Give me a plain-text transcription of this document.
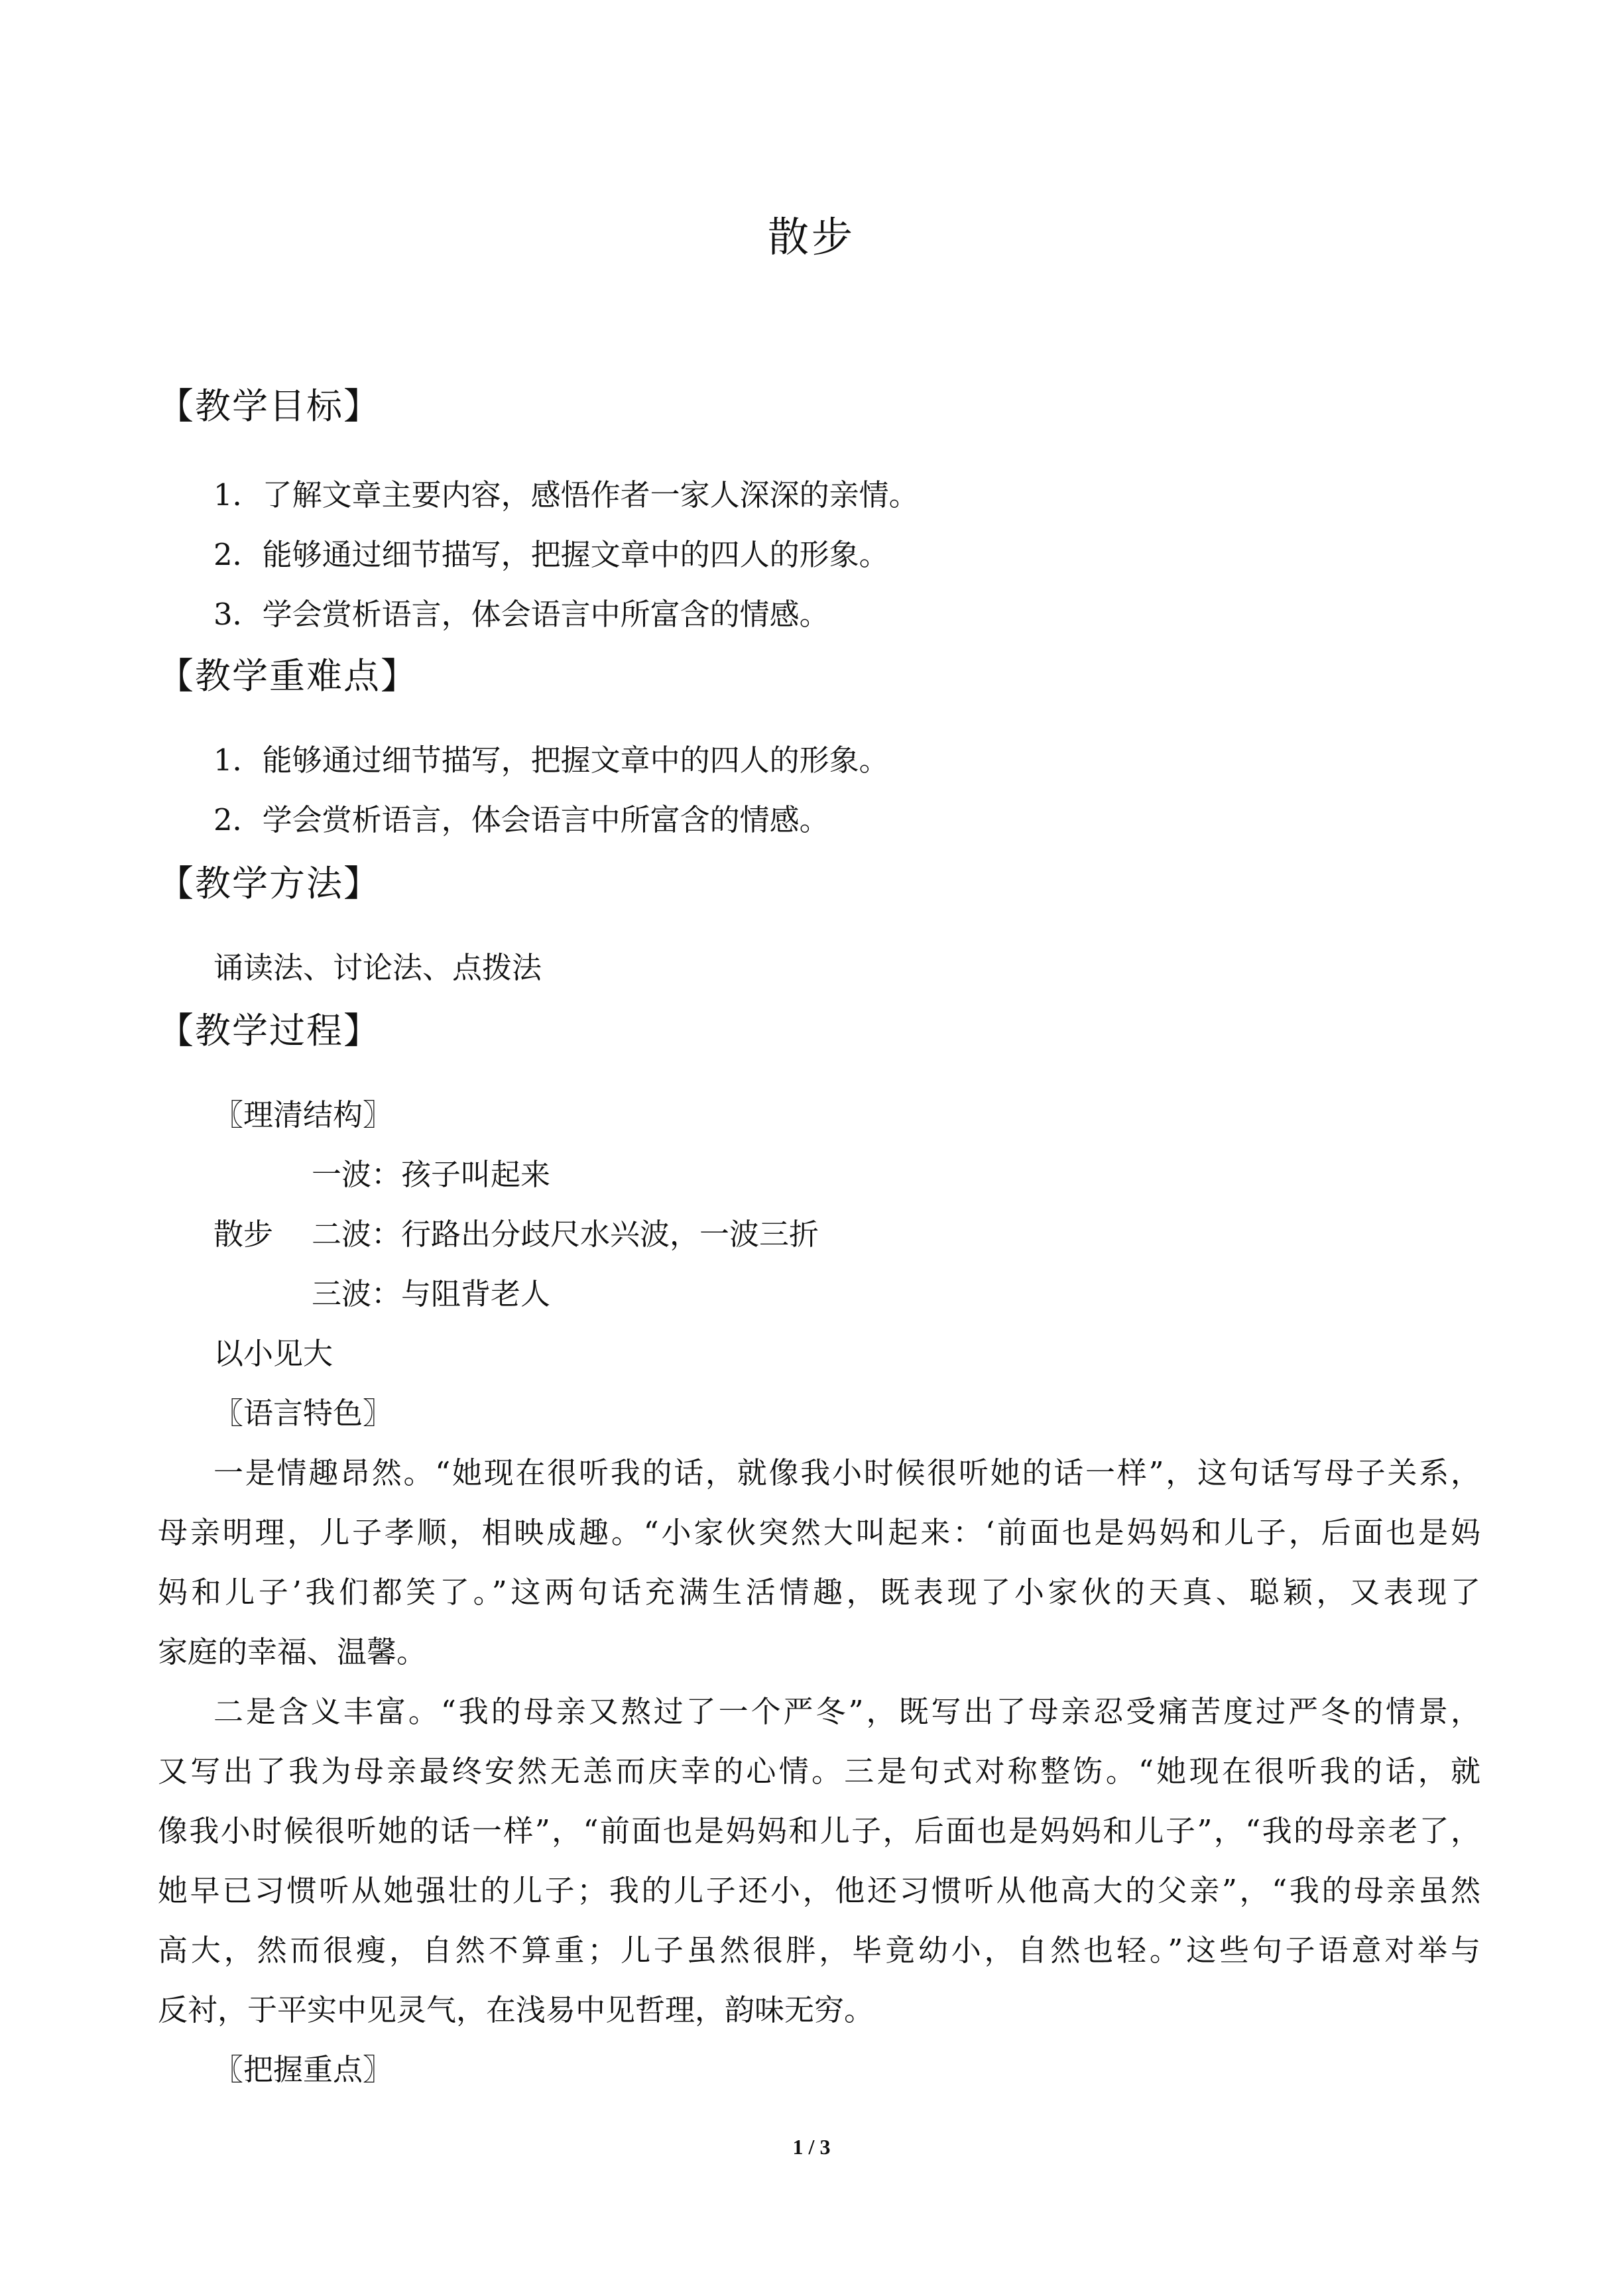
散步
【教学目标】
1．了解文章主要内容，感悟作者一家人深深的亲情。
2．能够通过细节描写，把握文章中的四人的形象。
3．学会赏析语言，体会语言中所富含的情感。
【教学重难点】
1．能够通过细节描写，把握文章中的四人的形象。
2．学会赏析语言，体会语言中所富含的情感。
【教学方法】
诵读法、讨论法、点拨法
【教学过程】
〖理清结构〗
一波：孩子叫起来
散步 二波：行路出分歧尺水兴波，一波三折
三波：与阻背老人
以小见大
〖语言特色〗
一是情趣昂然。“她现在很听我的话，就像我小时候很听她的话一样”，这句话写母子关系，
母亲明理，儿子孝顺，相映成趣。“小家伙突然大叫起来：‘前面也是妈妈和儿子，后面也是妈
妈和儿子’我们都笑了。”这两句话充满生活情趣，既表现了小家伙的天真、聪颖，又表现了
家庭的幸福、温馨。
二是含义丰富。“我的母亲又熬过了一个严冬”，既写出了母亲忍受痛苦度过严冬的情景，
又写出了我为母亲最终安然无恙而庆幸的心情。三是句式对称整饬。“她现在很听我的话，就
像我小时候很听她的话一样”，“前面也是妈妈和儿子，后面也是妈妈和儿子”，“我的母亲老了，
她早已习惯听从她强壮的儿子；我的儿子还小，他还习惯听从他高大的父亲”，“我的母亲虽然
高大，然而很瘦，自然不算重；儿子虽然很胖，毕竟幼小，自然也轻。”这些句子语意对举与
反衬，于平实中见灵气，在浅易中见哲理，韵味无穷。
〖把握重点〗
1 / 3
